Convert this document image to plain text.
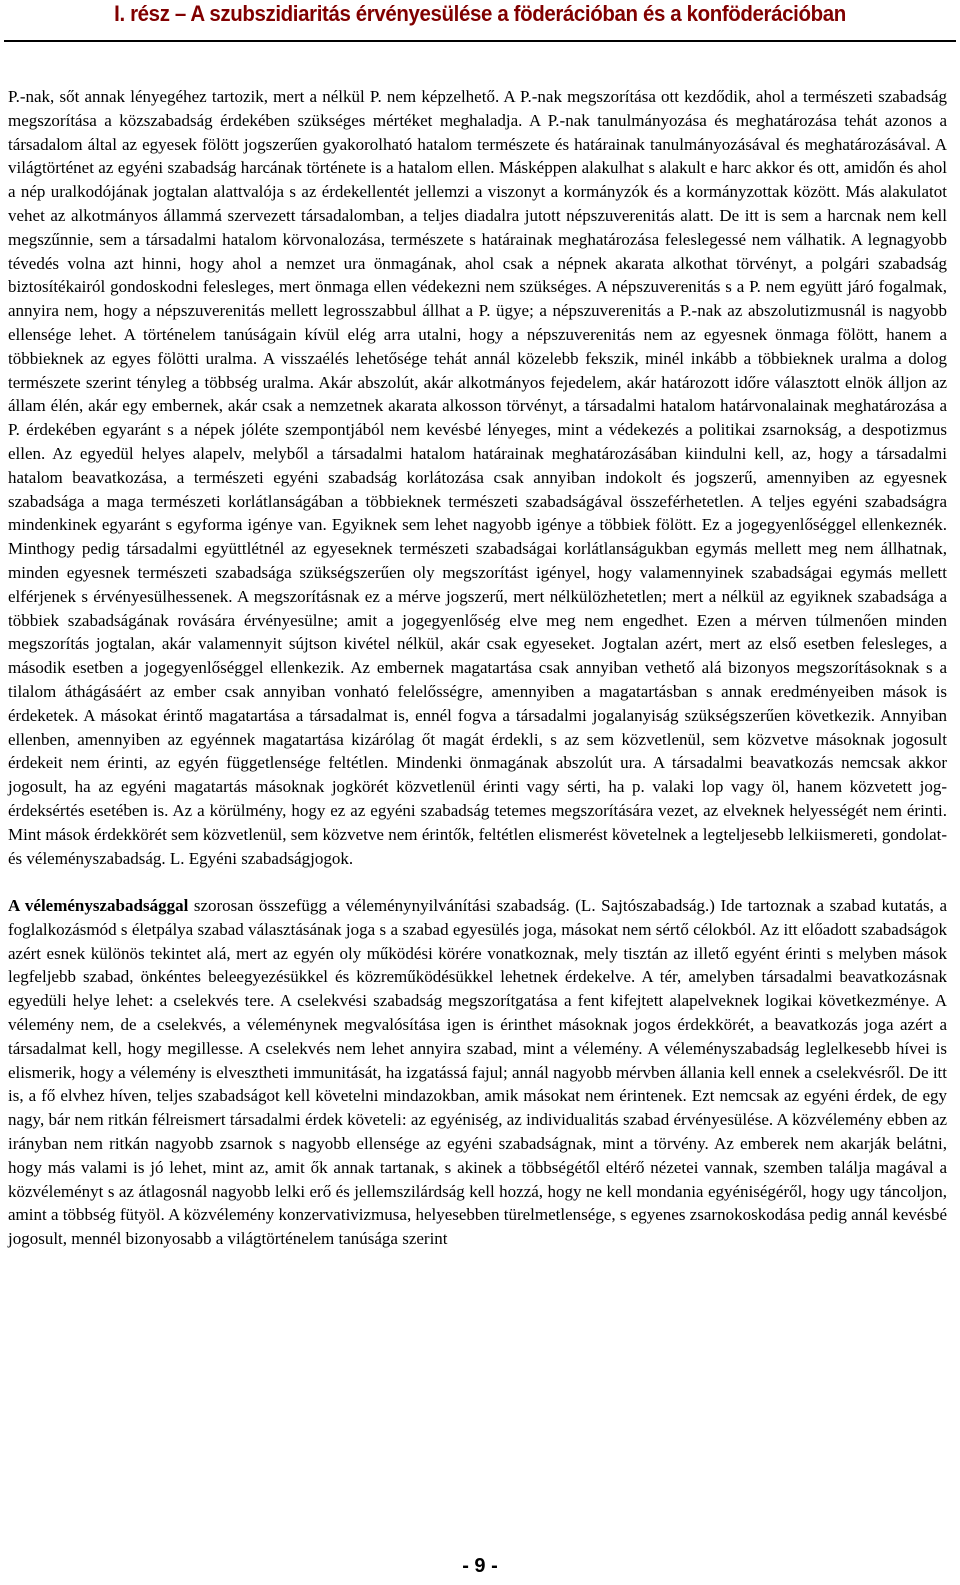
I. rész – A szubszidiaritás érvényesülése a föderációban és a konföderációban

P.-nak, sőt annak lényegéhez tartozik, mert a nélkül P. nem képzelhető. A P.-nak megszorítása ott kezdődik, ahol a természeti szabadság megszorítása a közszabadság érdekében szükséges mértéket meghaladja. A P.-nak tanulmányozása és meghatározása tehát azonos a társadalom által az egyesek fölött jogszerűen gyakorolható hatalom természete és határainak tanulmányozásával és meghatározásával. A világtörténet az egyéni szabadság harcának története is a hatalom ellen. Másképpen alakulhat s alakult e harc akkor és ott, amidőn és ahol a nép uralkodójának jogtalan alattvalója s az érdekellentét jellemzi a viszonyt a kormányzók és a kormányzottak között. Más alakulatot vehet az alkotmányos állammá szervezett társadalomban, a teljes diadalra jutott népszuverenitás alatt. De itt is sem a harcnak nem kell megszűnnie, sem a társadalmi hatalom körvonalozása, természete s határainak meghatározása feleslegessé nem válhatik. A legnagyobb tévedés volna azt hinni, hogy ahol a nemzet ura önmagának, ahol csak a népnek akarata alkothat törvényt, a polgári szabadság biztosítékairól gondoskodni felesleges, mert önmaga ellen védekezni nem szükséges. A népszuverenitás s a P. nem együtt járó fogalmak, annyira nem, hogy a népszuverenitás mellett legrosszabbul állhat a P. ügye; a népszuverenitás a P.-nak az abszolutizmusnál is nagyobb ellensége lehet. A történelem tanúságain kívül elég arra utalni, hogy a népszuverenitás nem az egyesnek önmaga fölött, hanem a többieknek az egyes fölötti uralma. A visszaélés lehetősége tehát annál közelebb fekszik, minél inkább a többieknek uralma a dolog természete szerint tényleg a többség uralma. Akár abszolút, akár alkotmányos fejedelem, akár határozott időre választott elnök álljon az állam élén, akár egy embernek, akár csak a nemzetnek akarata alkosson törvényt, a társadalmi hatalom határvonalainak meghatározása a P. érdekében egyaránt s a népek jóléte szempontjából nem kevésbé lényeges, mint a védekezés a politikai zsarnokság, a despotizmus ellen. Az egyedül helyes alapelv, melyből a társadalmi hatalom határainak meghatározásában kiindulni kell, az, hogy a társadalmi hatalom beavatkozása, a természeti egyéni szabadság korlátozása csak annyiban indokolt és jogszerű, amennyiben az egyesnek szabadsága a maga természeti korlátlanságában a többieknek természeti szabadságával összeférhetetlen. A teljes egyéni szabadságra mindenkinek egyaránt s egyforma igénye van. Egyiknek sem lehet nagyobb igénye a többiek fölött. Ez a jogegyenlőséggel ellenkeznék. Minthogy pedig társadalmi együttlétnél az egyeseknek természeti szabadságai korlátlanságukban egymás mellett meg nem állhatnak, minden egyesnek természeti szabadsága szükségszerűen oly megszorítást igényel, hogy valamennyinek szabadságai egymás mellett elférjenek s érvényesülhessenek. A megszorításnak ez a mérve jogszerű, mert nélkülözhetetlen; mert a nélkül az egyiknek szabadsága a többiek szabadságának rovására érvényesülne; amit a jogegyenlőség elve meg nem engedhet. Ezen a mérven túlmenően minden megszorítás jogtalan, akár valamennyit sújtson kivétel nélkül, akár csak egyeseket. Jogtalan azért, mert az első esetben felesleges, a második esetben a jogegyenlőséggel ellenkezik. Az embernek magatartása csak annyiban vethető alá bizonyos megszorításoknak s a tilalom áthágásáért az ember csak annyiban vonható felelősségre, amennyiben a magatartásban s annak eredményeiben mások is érdeketek. A másokat érintő magatartása a társadalmat is, ennél fogva a társadalmi jogalanyiság szükségszerűen következik. Annyiban ellenben, amennyiben az egyénnek magatartása kizárólag őt magát érdekli, s az sem közvetlenül, sem közvetve másoknak jogosult érdekeit nem érinti, az egyén függetlensége feltétlen. Mindenki önmagának abszolút ura. A társadalmi beavatkozás nemcsak akkor jogosult, ha az egyéni magatartás másoknak jogkörét közvetlenül érinti vagy sérti, ha p. valaki lop vagy öl, hanem közvetett jog-érdeksértés esetében is. Az a körülmény, hogy ez az egyéni szabadság tetemes megszorítására vezet, az elveknek helyességét nem érinti. Mint mások érdekkörét sem közvetlenül, sem közvetve nem érintők, feltétlen elismerést követelnek a legteljesebb lelkiismereti, gondolat- és véleményszabadság. L. Egyéni szabadságjogok.

A véleményszabadsággal szorosan összefügg a véleménynyilvánítási szabadság. (L. Sajtószabadság.) Ide tartoznak a szabad kutatás, a foglalkozásmód s életpálya szabad választásának joga s a szabad egyesülés joga, másokat nem sértő célokból. Az itt előadott szabadságok azért esnek különös tekintet alá, mert az egyén oly működési körére vonatkoznak, mely tisztán az illető egyént érinti s melyben mások legfeljebb szabad, önkéntes beleegyezésükkel és közreműködésükkel lehetnek érdekelve. A tér, amelyben társadalmi beavatkozásnak egyedüli helye lehet: a cselekvés tere. A cselekvési szabadság megszorítgatása a fent kifejtett alapelveknek logikai következménye. A vélemény nem, de a cselekvés, a véleménynek megvalósítása igen is érinthet másoknak jogos érdekkörét, a beavatkozás joga azért a társadalmat kell, hogy megillesse. A cselekvés nem lehet annyira szabad, mint a vélemény. A véleményszabadság leglelkesebb hívei is elismerik, hogy a vélemény is elvesztheti immunitását, ha izgatássá fajul; annál nagyobb mérvben állania kell ennek a cselekvésről. De itt is, a fő elvhez híven, teljes szabadságot kell követelni mindazokban, amik másokat nem érintenek. Ezt nemcsak az egyéni érdek, de egy nagy, bár nem ritkán félreismert társadalmi érdek követeli: az egyéniség, az individualitás szabad érvényesülése. A közvélemény ebben az irányban nem ritkán nagyobb zsarnok s nagyobb ellensége az egyéni szabadságnak, mint a törvény. Az emberek nem akarják belátni, hogy más valami is jó lehet, mint az, amit ők annak tartanak, s akinek a többségétől eltérő nézetei vannak, szemben találja magával a közvéleményt s az átlagosnál nagyobb lelki erő és jellemszilárdság kell hozzá, hogy ne kell mondania egyéniségéről, hogy ugy táncoljon, amint a többség fütyöl. A közvélemény konzervativizmusa, helyesebben türelmetlensége, s egyenes zsarnokoskodása pedig annál kevésbé jogosult, mennél bizonyosabb a világtörténelem tanúsága szerint

- 9 -
